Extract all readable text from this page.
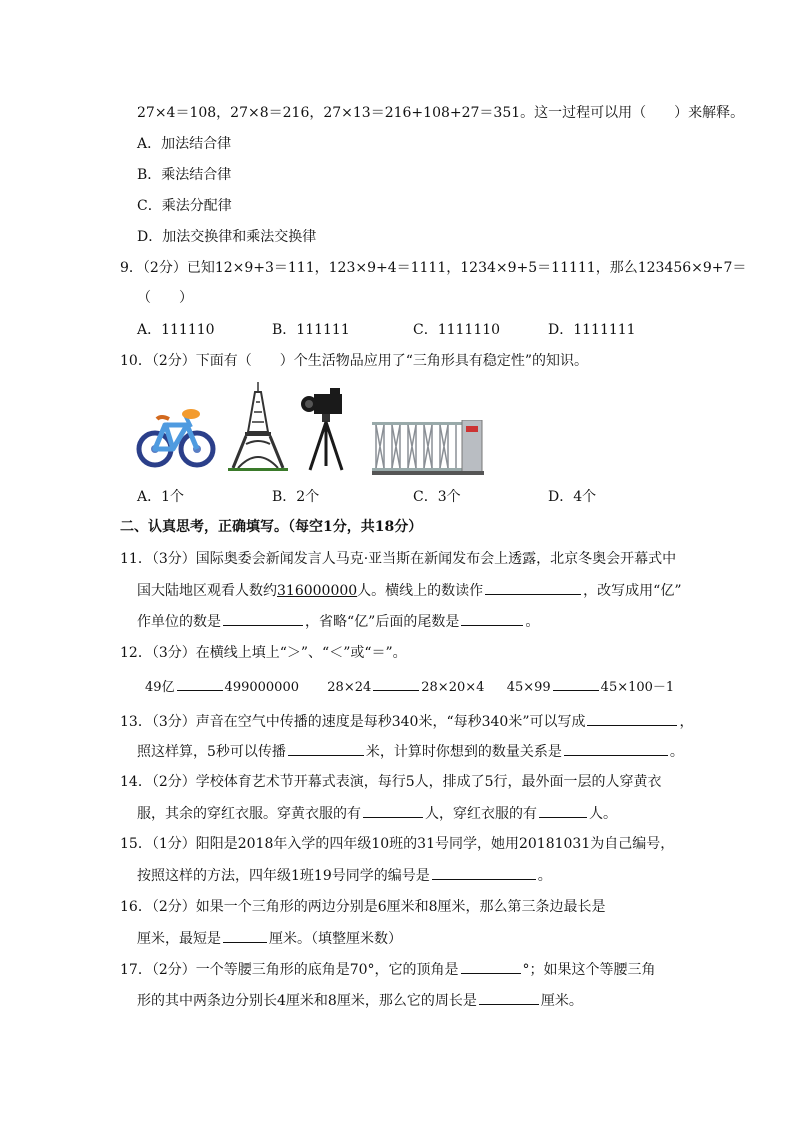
27×4＝108，27×8＝216，27×13＝216+108+27＝351。这一过程可以用（　　）来解释。
A．加法结合律
B．乘法结合律
C．乘法分配律
D．加法交换律和乘法交换律
9．（2分）已知12×9+3＝111，123×9+4＝1111，1234×9+5＝11111，那么123456×9+7＝
（　　）
A．111110	B．111111	C．1111110	D．1111111
10．（2分）下面有（　　）个生活物品应用了“三角形具有稳定性”的知识。
A．1个	B．2个	C．3个	D．4个
二、认真思考，正确填写。（每空1分，共18分）
11．（3分）国际奥委会新闻发言人马克·亚当斯在新闻发布会上透露，北京冬奥会开幕式中
国大陆地区观看人数约316000000人。横线上的数读作	，改写成用“亿”
作单位的数是	，省略“亿”后面的尾数是	。
12．（3分）在横线上填上“＞”、“＜”或“＝”。
49亿	499000000 28×24	28×20×4 45×99	45×100－1
13．（3分）声音在空气中传播的速度是每秒340米，“每秒340米”可以写成	，
照这样算，5秒可以传播	米，计算时你想到的数量关系是	。
14．（2分）学校体育艺术节开幕式表演，每行5人，排成了5行，最外面一层的人穿黄衣
服，其余的穿红衣服。穿黄衣服的有	人，穿红衣服的有	人。
15．（1分）阳阳是2018年入学的四年级10班的31号同学，她用20181031为自己编号，
按照这样的方法，四年级1班19号同学的编号是	。
16．（2分）如果一个三角形的两边分别是6厘米和8厘米，那么第三条边最长是
厘米，最短是	厘米。（填整厘米数）
17．（2分）一个等腰三角形的底角是70°，它的顶角是	°；如果这个等腰三角
形的其中两条边分别长4厘米和8厘米，那么它的周长是	厘米。
